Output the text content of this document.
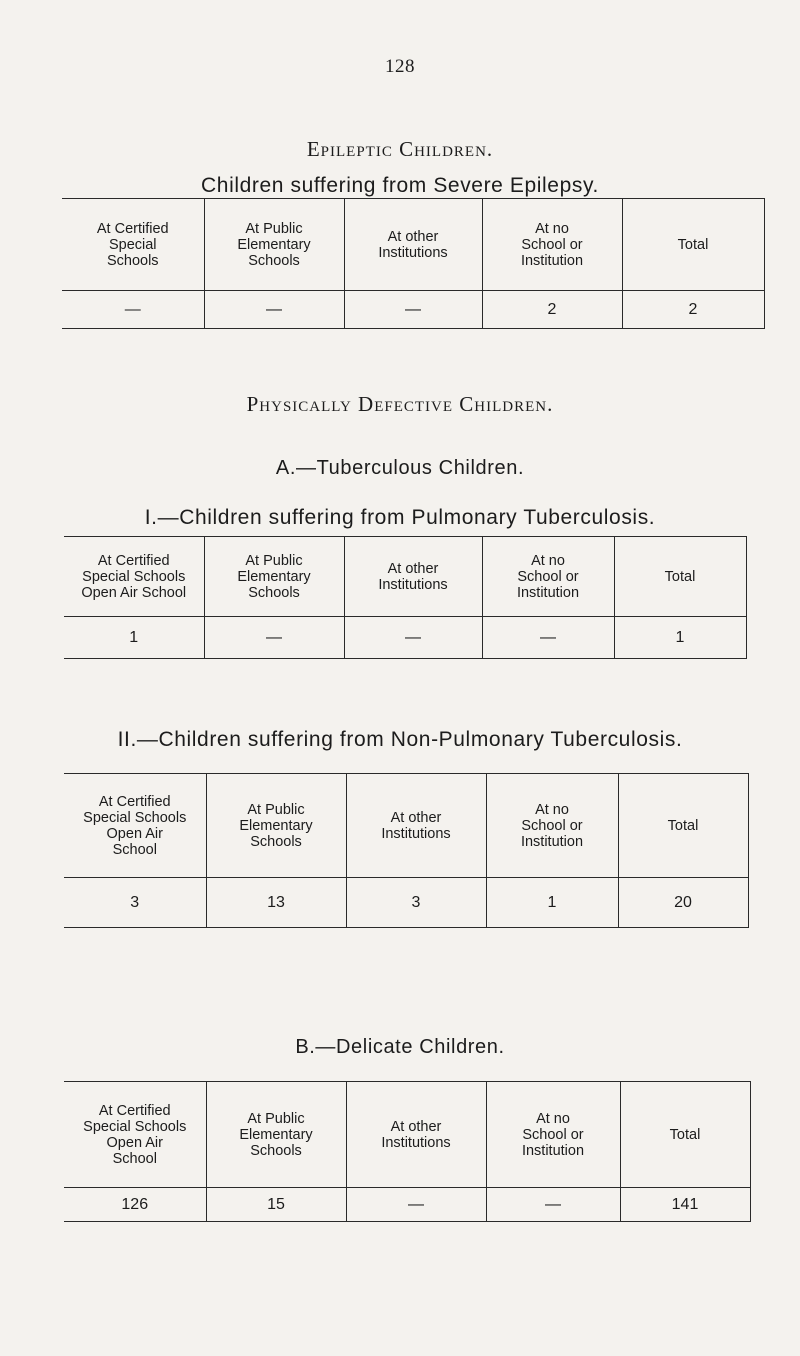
128
Epileptic Children.
Children suffering from Severe Epilepsy.
At Certified
Special
Schools	At Public
Elementary
Schools	At other
Institutions	At no
School or
Institution	Total
—	—	—	2	2
Physically Defective Children.
A.—Tuberculous Children.
I.—Children suffering from Pulmonary Tuberculosis.
At Certified
Special Schools
Open Air School	At Public
Elementary
Schools	At other
Institutions	At no
School or
Institution	Total
1	—	—	—	1
II.—Children suffering from Non-Pulmonary Tuberculosis.
At Certified
Special Schools
Open Air
School	At Public
Elementary
Schools	At other
Institutions	At no
School or
Institution	Total
3	13	3	1	20
B.—Delicate Children.
At Certified
Special Schools
Open Air
School	At Public
Elementary
Schools	At other
Institutions	At no
School or
Institution	Total
126	15	—	—	141
